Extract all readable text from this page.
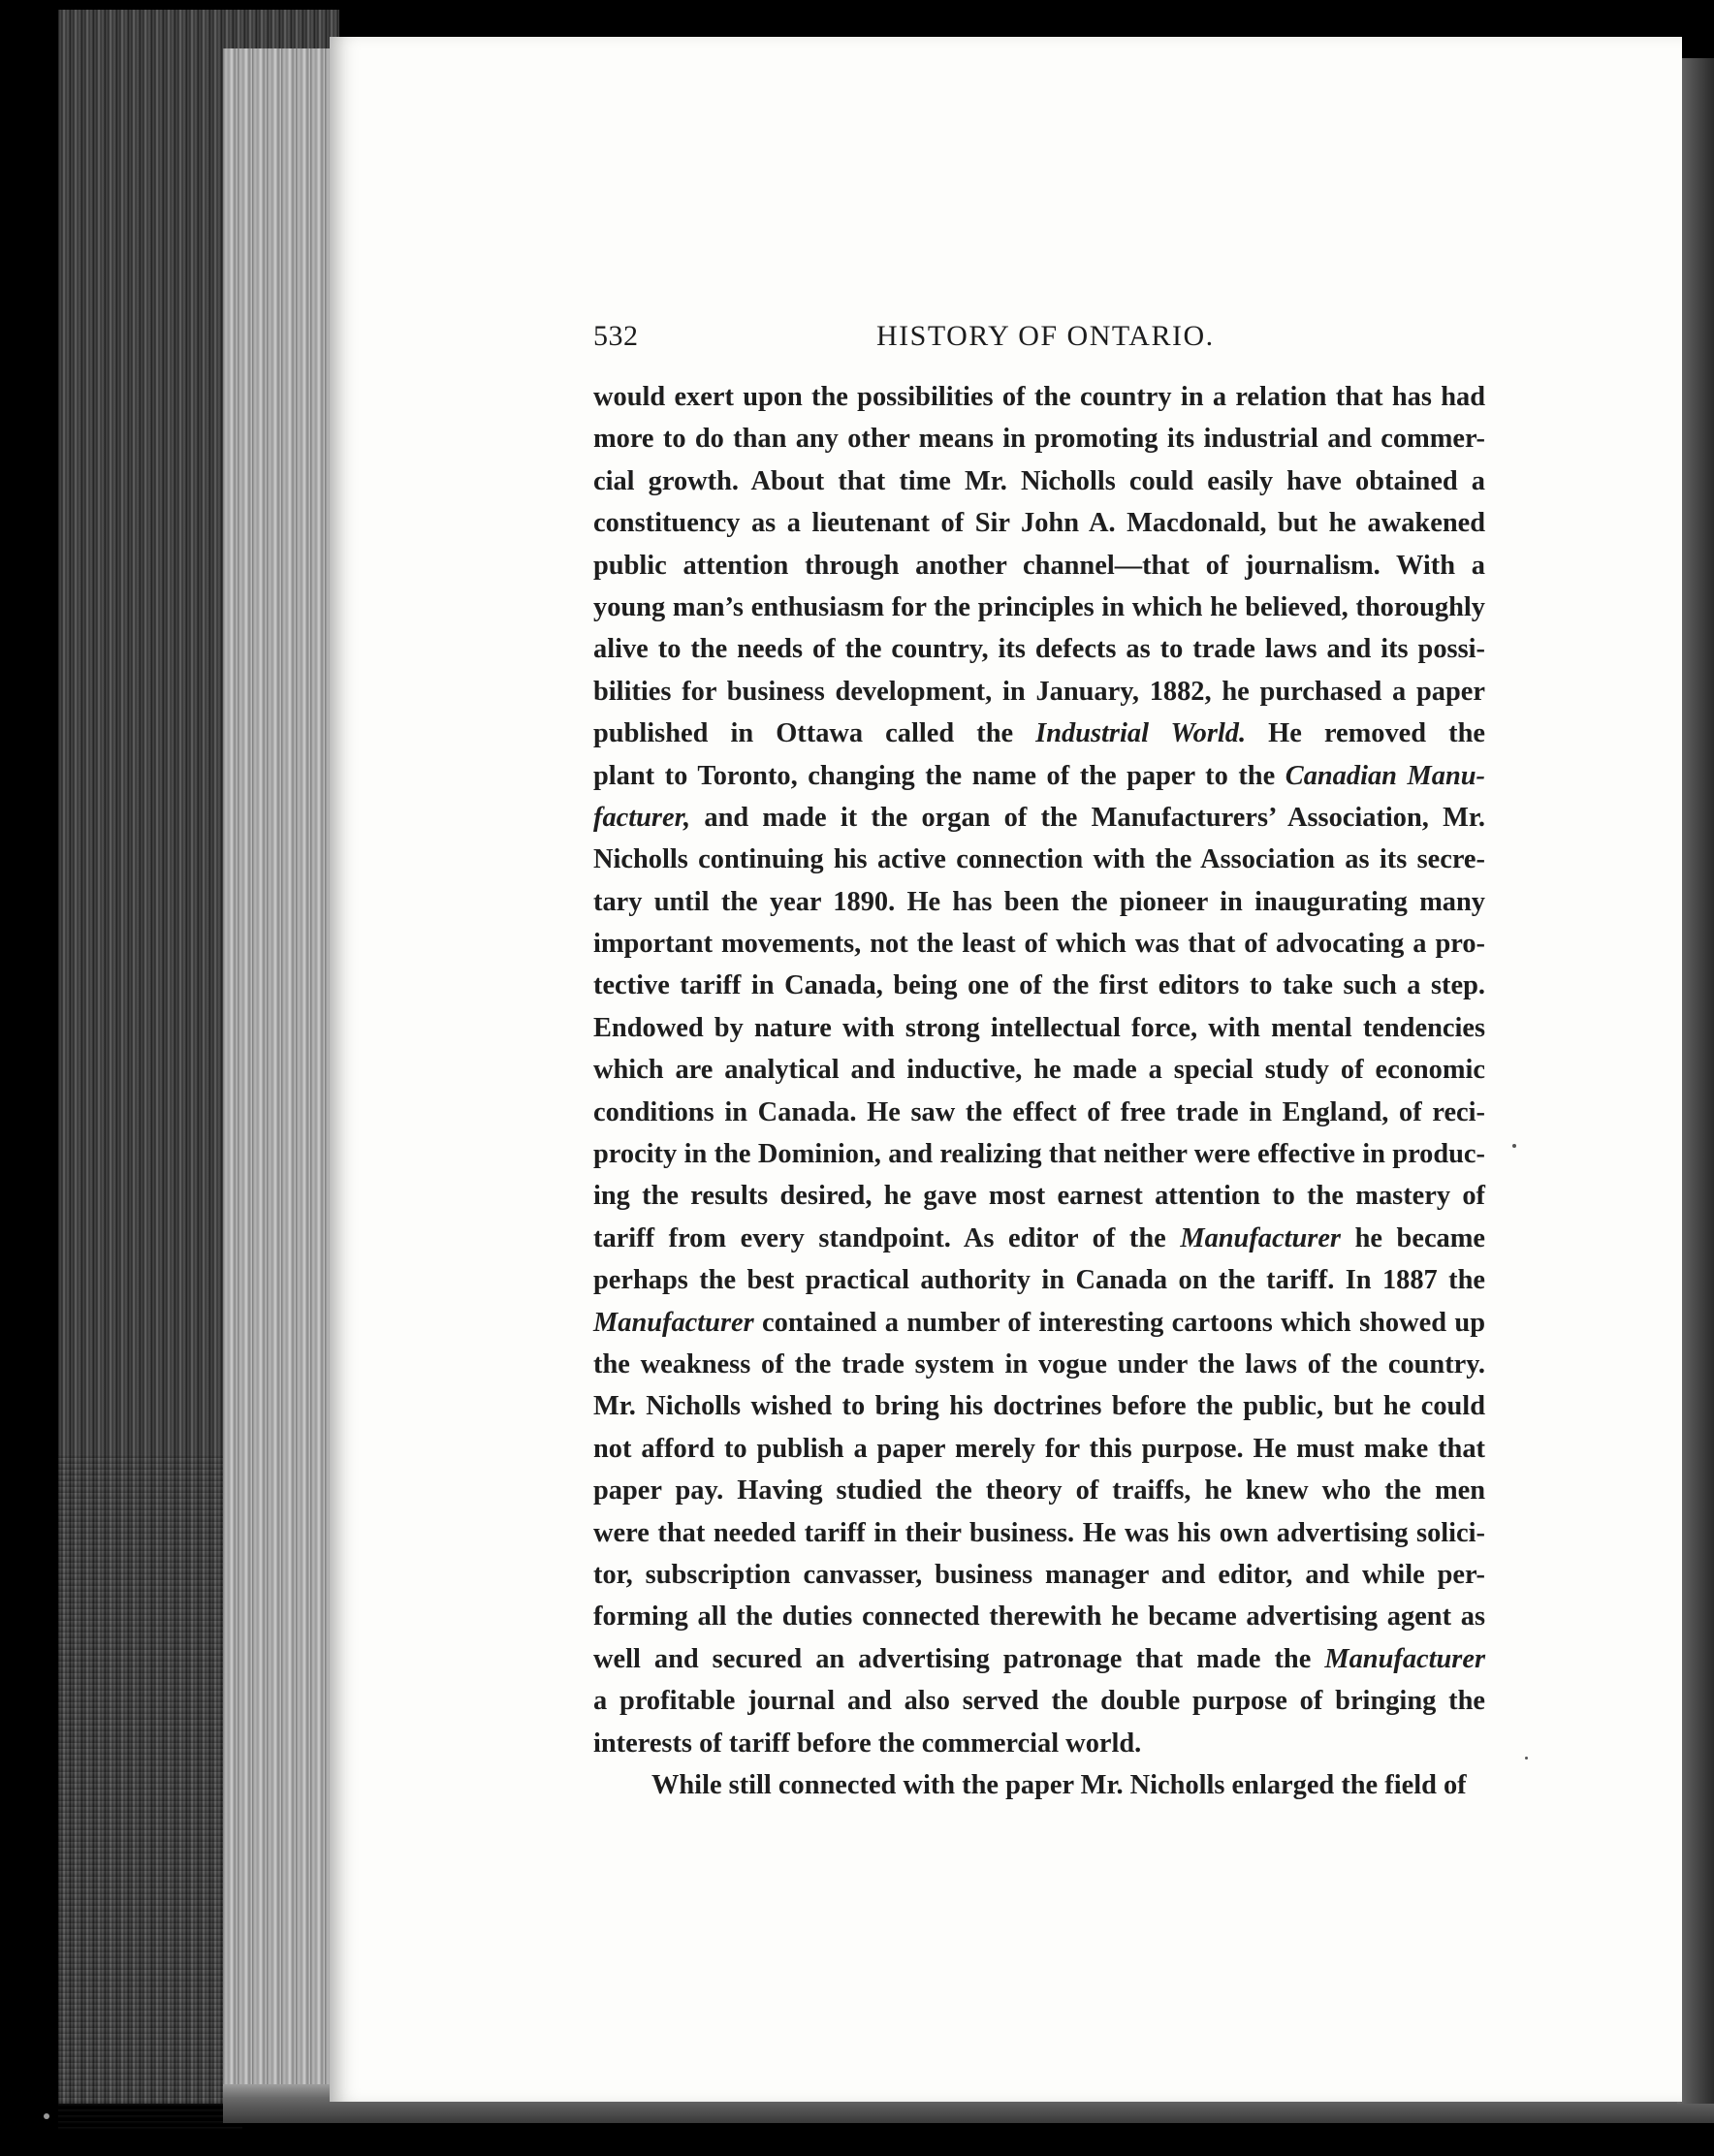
532	HISTORY OF ONTARIO.
would exert upon the possibilities of the country in a relation that has had
more to do than any other means in promoting its industrial and commer-
cial growth. About that time Mr. Nicholls could easily have obtained a
constituency as a lieutenant of Sir John A. Macdonald, but he awakened
public attention through another channel—that of journalism. With a
young man’s enthusiasm for the principles in which he believed, thoroughly
alive to the needs of the country, its defects as to trade laws and its possi-
bilities for business development, in January, 1882, he purchased a paper
published in Ottawa called the Industrial World. He removed the
plant to Toronto, changing the name of the paper to the Canadian Manu-
facturer, and made it the organ of the Manufacturers’ Association, Mr.
Nicholls continuing his active connection with the Association as its secre-
tary until the year 1890. He has been the pioneer in inaugurating many
important movements, not the least of which was that of advocating a pro-
tective tariff in Canada, being one of the first editors to take such a step.
Endowed by nature with strong intellectual force, with mental tendencies
which are analytical and inductive, he made a special study of economic
conditions in Canada. He saw the effect of free trade in England, of reci-
procity in the Dominion, and realizing that neither were effective in produc-
ing the results desired, he gave most earnest attention to the mastery of
tariff from every standpoint. As editor of the Manufacturer he became
perhaps the best practical authority in Canada on the tariff. In 1887 the
Manufacturer contained a number of interesting cartoons which showed up
the weakness of the trade system in vogue under the laws of the country.
Mr. Nicholls wished to bring his doctrines before the public, but he could
not afford to publish a paper merely for this purpose. He must make that
paper pay. Having studied the theory of traiffs, he knew who the men
were that needed tariff in their business. He was his own advertising solici-
tor, subscription canvasser, business manager and editor, and while per-
forming all the duties connected therewith he became advertising agent as
well and secured an advertising patronage that made the Manufacturer
a profitable journal and also served the double purpose of bringing the
interests of tariff before the commercial world.
While still connected with the paper Mr. Nicholls enlarged the field of
